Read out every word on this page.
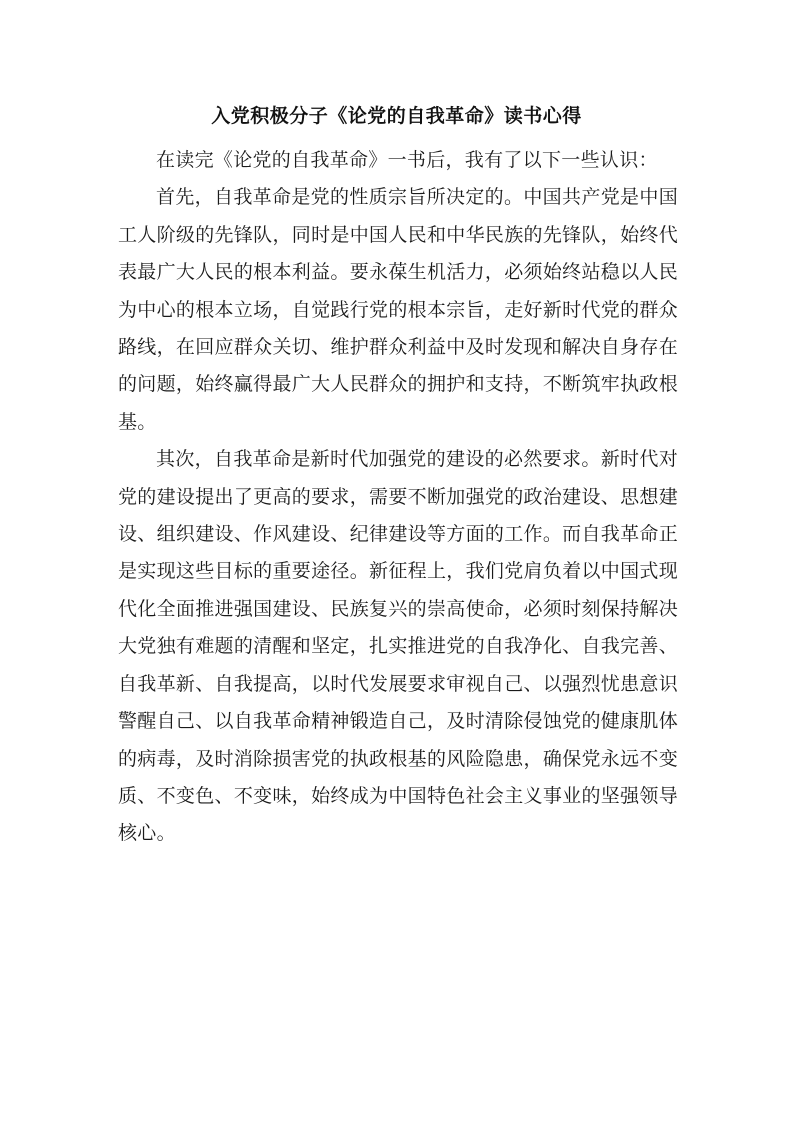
入党积极分子《论党的自我革命》读书心得

在读完《论党的自我革命》一书后，我有了以下一些认识：

首先，自我革命是党的性质宗旨所决定的。中国共产党是中国工人阶级的先锋队，同时是中国人民和中华民族的先锋队，始终代表最广大人民的根本利益。要永葆生机活力，必须始终站稳以人民为中心的根本立场，自觉践行党的根本宗旨，走好新时代党的群众路线，在回应群众关切、维护群众利益中及时发现和解决自身存在的问题，始终赢得最广大人民群众的拥护和支持，不断筑牢执政根基。

其次，自我革命是新时代加强党的建设的必然要求。新时代对党的建设提出了更高的要求，需要不断加强党的政治建设、思想建设、组织建设、作风建设、纪律建设等方面的工作。而自我革命正是实现这些目标的重要途径。新征程上，我们党肩负着以中国式现代化全面推进强国建设、民族复兴的崇高使命，必须时刻保持解决大党独有难题的清醒和坚定，扎实推进党的自我净化、自我完善、自我革新、自我提高，以时代发展要求审视自己、以强烈忧患意识警醒自己、以自我革命精神锻造自己，及时清除侵蚀党的健康肌体的病毒，及时消除损害党的执政根基的风险隐患，确保党永远不变质、不变色、不变味，始终成为中国特色社会主义事业的坚强领导核心。
